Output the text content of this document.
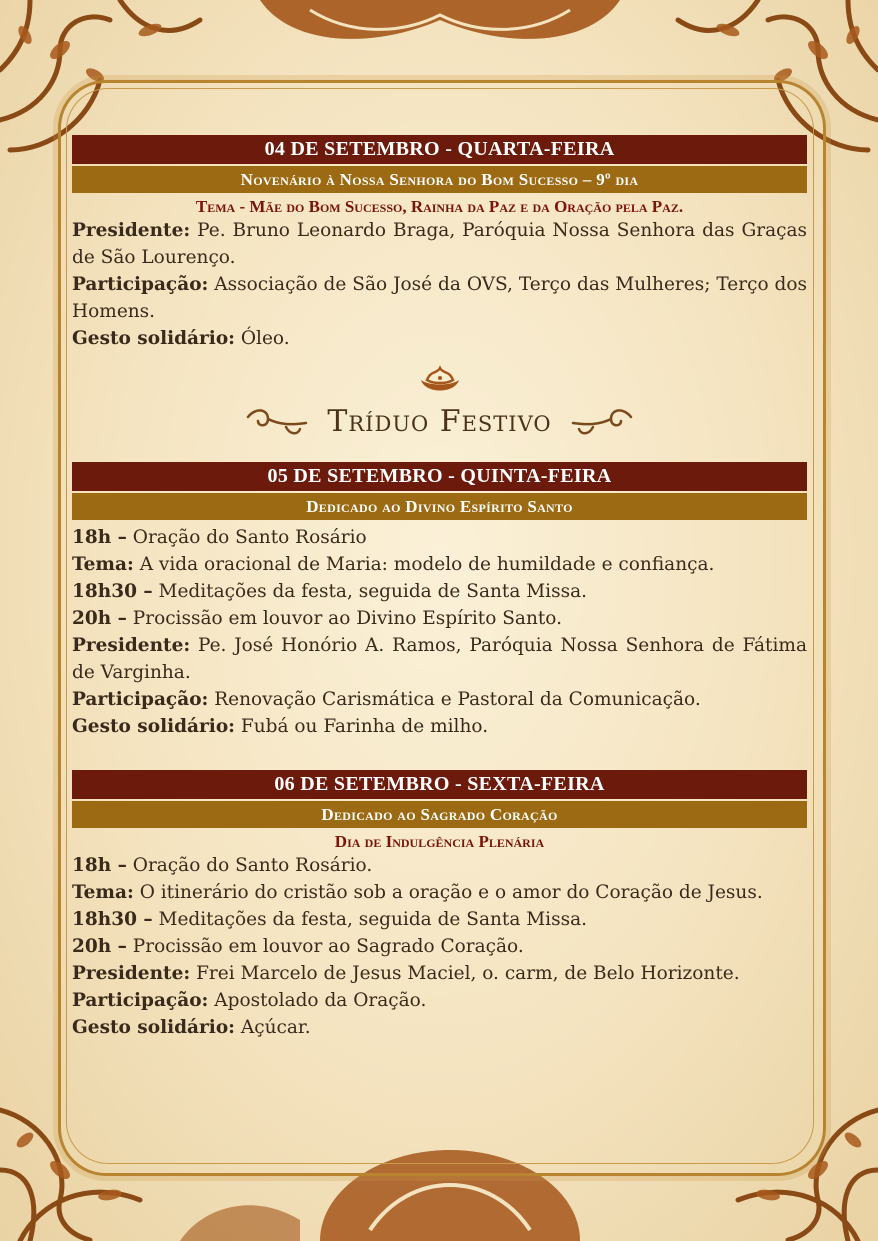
04 DE SETEMBRO - QUARTA-FEIRA
Novenário à Nossa Senhora do Bom Sucesso – 9º dia
Tema - Mãe do Bom Sucesso, Rainha da Paz e da Oração pela Paz.
Presidente: Pe. Bruno Leonardo Braga, Paróquia Nossa Senhora das Graças de São Lourenço.
Participação: Associação de São José da OVS, Terço das Mulheres; Terço dos Homens.
Gesto solidário: Óleo.
Tríduo Festivo
05 DE SETEMBRO - QUINTA-FEIRA
Dedicado ao Divino Espírito Santo
18h – Oração do Santo Rosário
Tema: A vida oracional de Maria: modelo de humildade e confiança.
18h30 – Meditações da festa, seguida de Santa Missa.
20h – Procissão em louvor ao Divino Espírito Santo.
Presidente: Pe. José Honório A. Ramos, Paróquia Nossa Senhora de Fátima de Varginha.
Participação: Renovação Carismática e Pastoral da Comunicação.
Gesto solidário: Fubá ou Farinha de milho.
06 DE SETEMBRO - SEXTA-FEIRA
Dedicado ao Sagrado Coração
Dia de Indulgência Plenária
18h – Oração do Santo Rosário.
Tema: O itinerário do cristão sob a oração e o amor do Coração de Jesus.
18h30 – Meditações da festa, seguida de Santa Missa.
20h – Procissão em louvor ao Sagrado Coração.
Presidente: Frei Marcelo de Jesus Maciel, o. carm, de Belo Horizonte.
Participação: Apostolado da Oração.
Gesto solidário: Açúcar.
